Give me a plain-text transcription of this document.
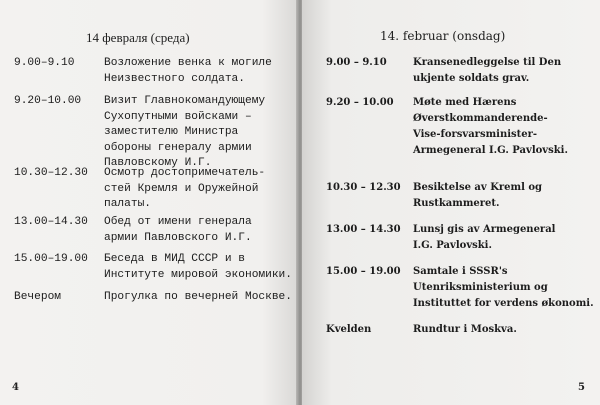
14 февраля (среда)
9.00–9.10	Возложение венка к могиле
Неизвестного солдата.
9.20–10.00 Визит Главнокомандующему
Сухопутными войсками –
заместителю Министра
обороны генералу армии
Павловскому И.Г.
10.30–12.30 Осмотр достопримечатель-
стей Кремля и Оружейной
палаты.
13.00–14.30 Обед от имени генерала
армии Павловского И.Г.
15.00–19.00 Беседа в МИД СССР и в
Институте мировой экономики.
Вечером	Прогулка по вечерней Москве.
4
14. februar (onsdag)
9.00 – 9.10	Kransenedleggelse til Den
ukjente soldats grav.
9.20 – 10.00 Møte med Hærens
Øverstkommanderende-
Vise-forsvarsminister-
Armegeneral I.G. Pavlovski.
10.30 – 12.30 Besiktelse av Kreml og
Rustkammeret.
13.00 – 14.30 Lunsj gis av Armegeneral
I.G. Pavlovski.
15.00 – 19.00 Samtale i SSSR's
Utenriksministerium og
Instituttet for verdens økonomi.
Kvelden	Rundtur i Moskva.
5
